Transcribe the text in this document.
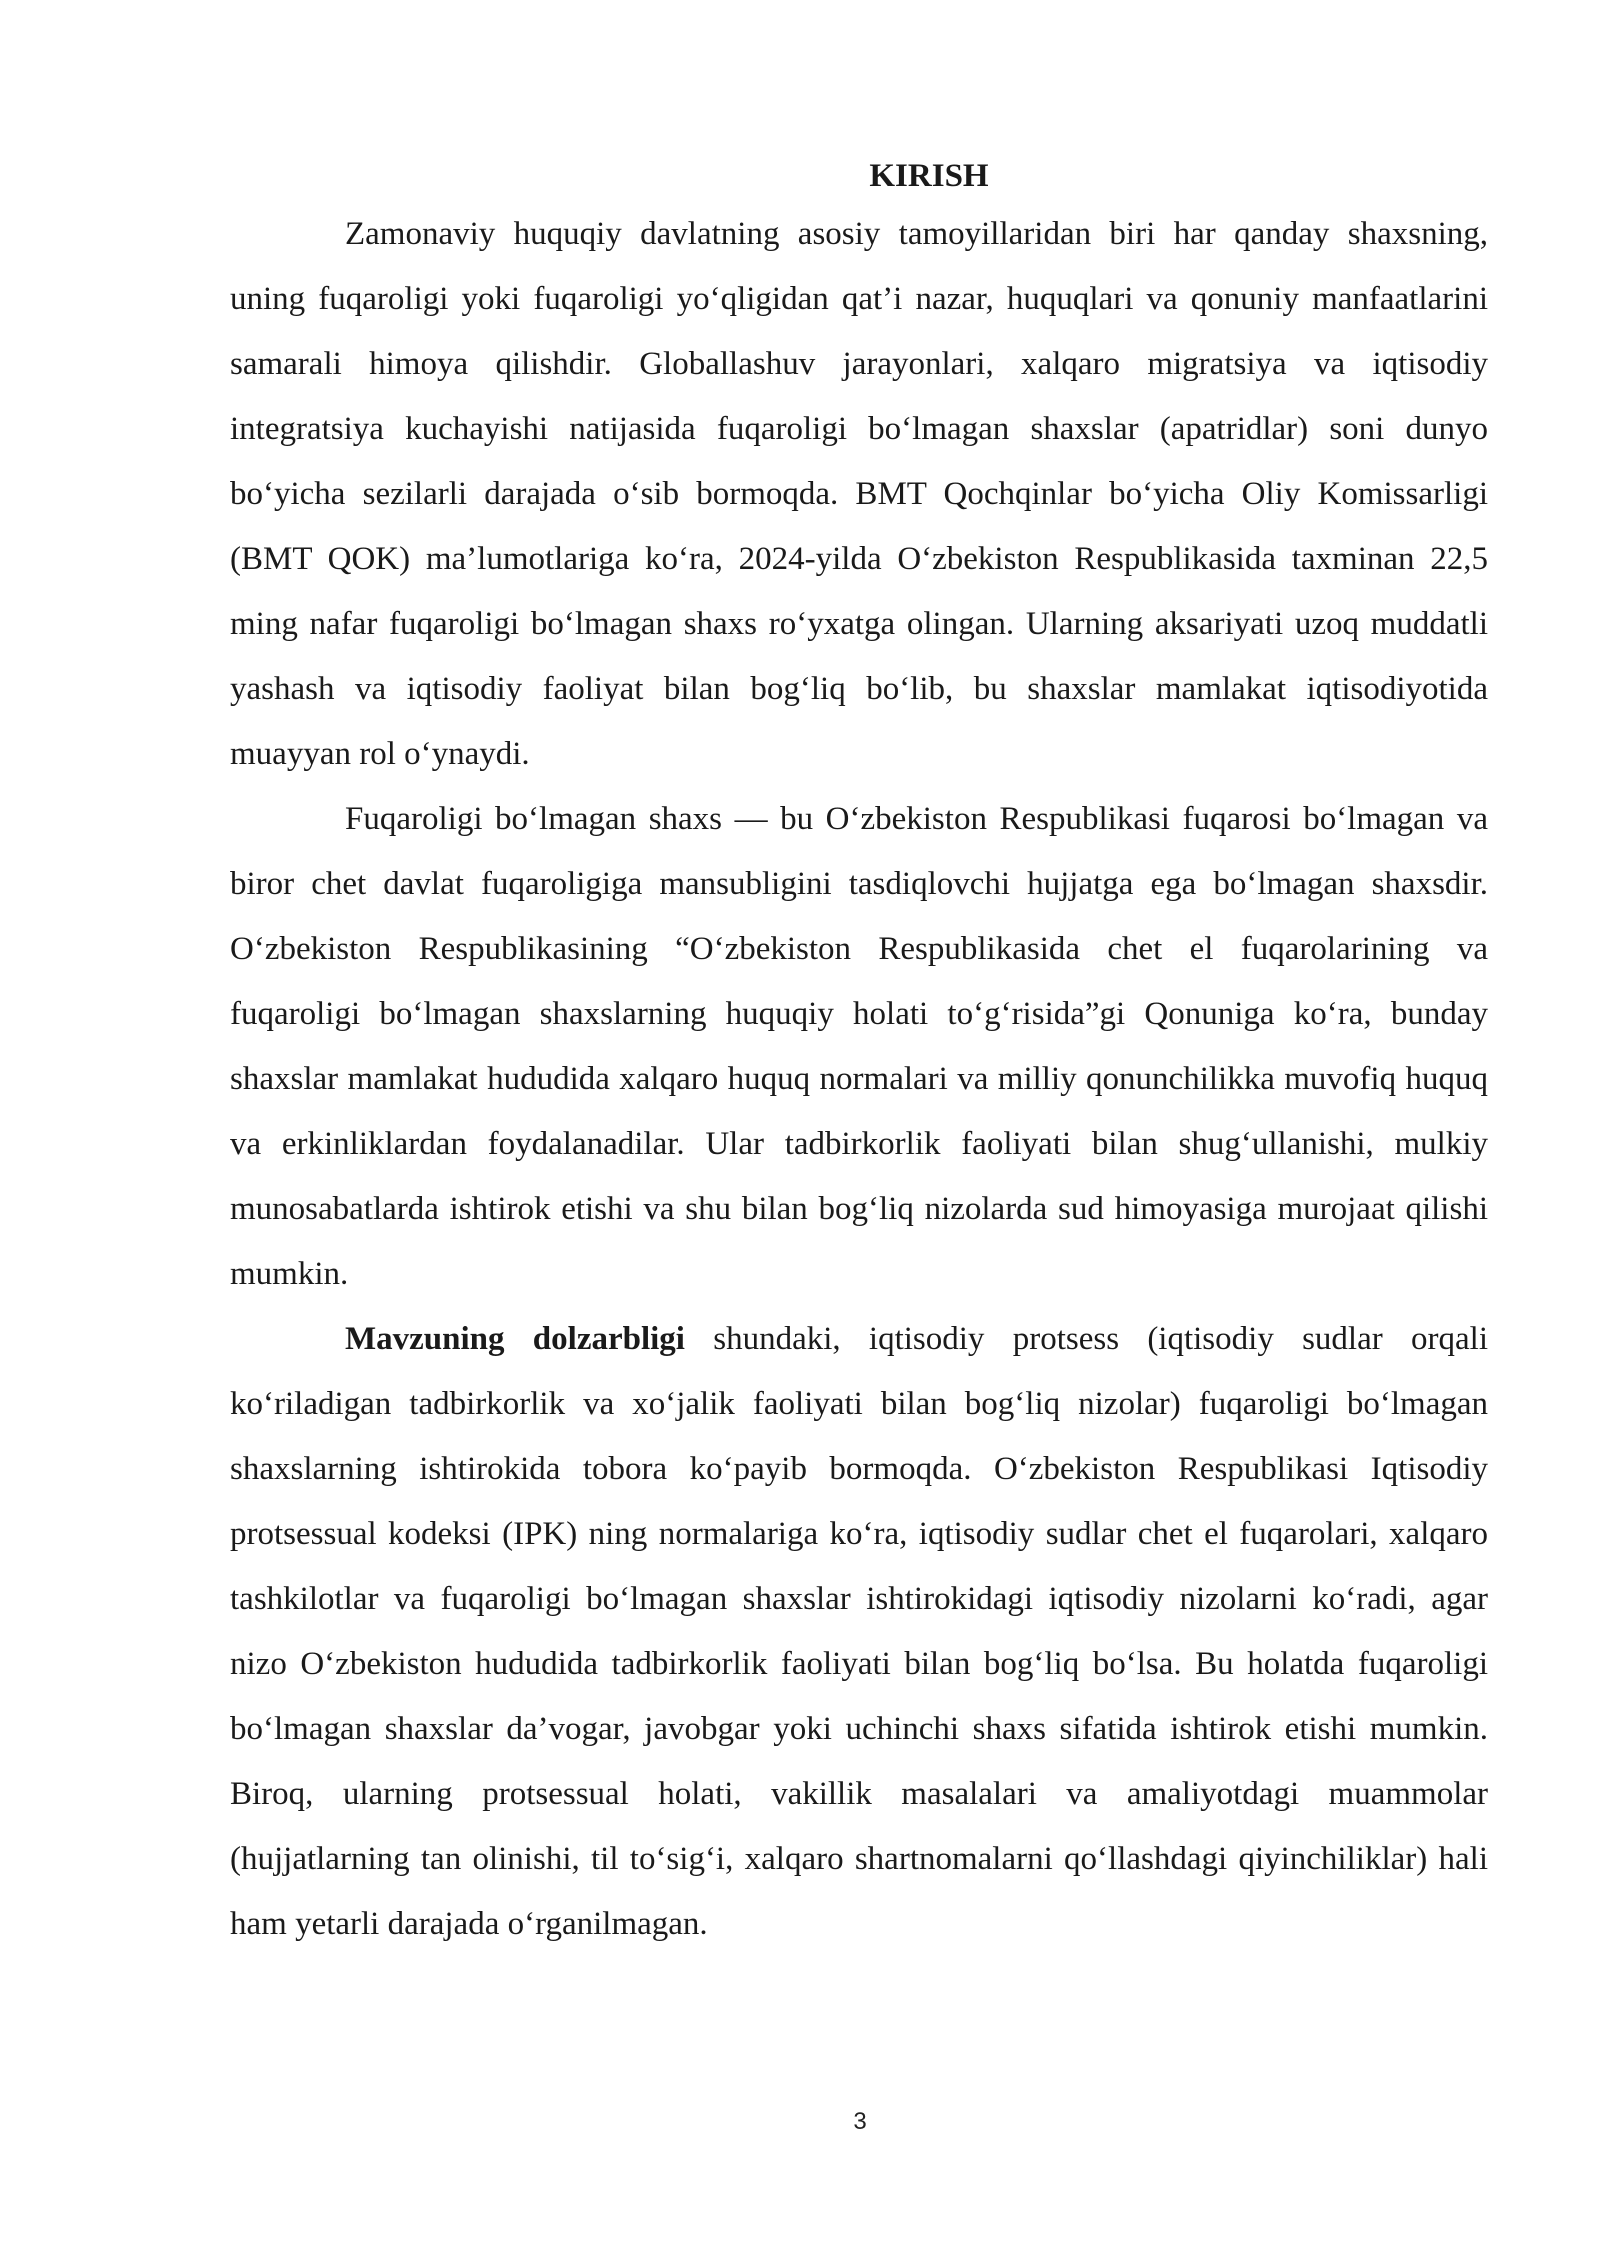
KIRISH

Zamonaviy huquqiy davlatning asosiy tamoyillaridan biri har qanday shaxsning, uning fuqaroligi yoki fuqaroligi yo‘qligidan qat’i nazar, huquqlari va qonuniy manfaatlarini samarali himoya qilishdir. Globallashuv jarayonlari, xalqaro migratsiya va iqtisodiy integratsiya kuchayishi natijasida fuqaroligi bo‘lmagan shaxslar (apatridlar) soni dunyo bo‘yicha sezilarli darajada o‘sib bormoqda. BMT Qochqinlar bo‘yicha Oliy Komissarligi (BMT QOK) ma’lumotlariga ko‘ra, 2024-yilda O‘zbekiston Respublikasida taxminan 22,5 ming nafar fuqaroligi bo‘lmagan shaxs ro‘yxatga olingan. Ularning aksariyati uzoq muddatli yashash va iqtisodiy faoliyat bilan bog‘liq bo‘lib, bu shaxslar mamlakat iqtisodiyotida muayyan rol o‘ynaydi.

Fuqaroligi bo‘lmagan shaxs — bu O‘zbekiston Respublikasi fuqarosi bo‘lmagan va biror chet davlat fuqaroligiga mansubligini tasdiqlovchi hujjatga ega bo‘lmagan shaxsdir. O‘zbekiston Respublikasining “O‘zbekiston Respublikasida chet el fuqarolarining va fuqaroligi bo‘lmagan shaxslarning huquqiy holati to‘g‘risida”gi Qonuniga ko‘ra, bunday shaxslar mamlakat hududida xalqaro huquq normalari va milliy qonunchilikka muvofiq huquq va erkinliklardan foydalanadilar. Ular tadbirkorlik faoliyati bilan shug‘ullanishi, mulkiy munosabatlarda ishtirok etishi va shu bilan bog‘liq nizolarda sud himoyasiga murojaat qilishi mumkin.

Mavzuning dolzarbligi shundaki, iqtisodiy protsess (iqtisodiy sudlar orqali ko‘riladigan tadbirkorlik va xo‘jalik faoliyati bilan bog‘liq nizolar) fuqaroligi bo‘lmagan shaxslarning ishtirokida tobora ko‘payib bormoqda. O‘zbekiston Respublikasi Iqtisodiy protsessual kodeksi (IPK) ning normalariga ko‘ra, iqtisodiy sudlar chet el fuqarolari, xalqaro tashkilotlar va fuqaroligi bo‘lmagan shaxslar ishtirokidagi iqtisodiy nizolarni ko‘radi, agar nizo O‘zbekiston hududida tadbirkorlik faoliyati bilan bog‘liq bo‘lsa. Bu holatda fuqaroligi bo‘lmagan shaxslar da’vogar, javobgar yoki uchinchi shaxs sifatida ishtirok etishi mumkin. Biroq, ularning protsessual holati, vakillik masalalari va amaliyotdagi muammolar (hujjatlarning tan olinishi, til to‘sig‘i, xalqaro shartnomalarni qo‘llashdagi qiyinchiliklar) hali ham yetarli darajada o‘rganilmagan.

3
